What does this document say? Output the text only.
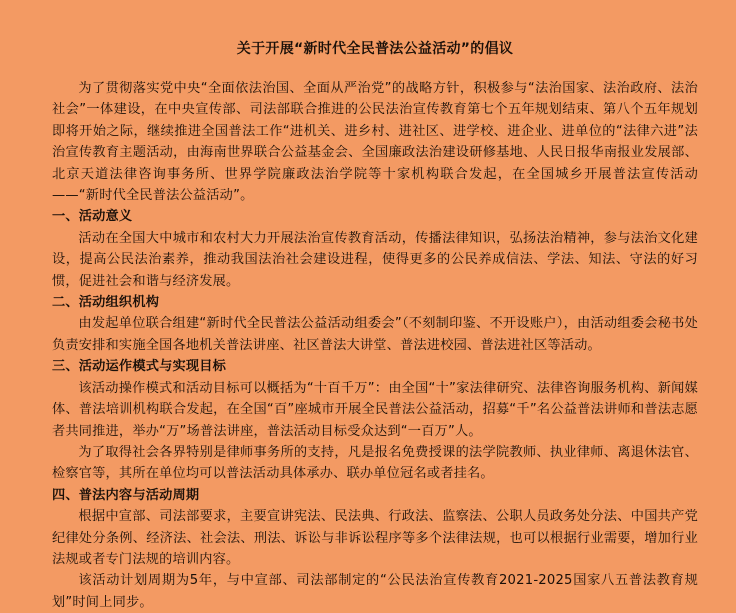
关于开展“新时代全民普法公益活动”的倡议

为了贯彻落实党中央“全面依法治国、全面从严治党”的战略方针，积极参与“法治国家、法治政府、法治社会”一体建设，在中央宣传部、司法部联合推进的公民法治宣传教育第七个五年规划结束、第八个五年规划即将开始之际，继续推进全国普法工作“进机关、进乡村、进社区、进学校、进企业、进单位的“法律六进”法治宣传教育主题活动，由海南世界联合公益基金会、全国廉政法治建设研修基地、人民日报华南报业发展部、北京天道法律咨询事务所、世界学院廉政法治学院等十家机构联合发起，在全国城乡开展普法宣传活动——“新时代全民普法公益活动”。

一、活动意义

活动在全国大中城市和农村大力开展法治宣传教育活动，传播法律知识，弘扬法治精神，参与法治文化建设，提高公民法治素养，推动我国法治社会建设进程，使得更多的公民养成信法、学法、知法、守法的好习惯，促进社会和谐与经济发展。

二、活动组织机构

由发起单位联合组建“新时代全民普法公益活动组委会”（不刻制印鉴、不开设账户），由活动组委会秘书处负责安排和实施全国各地机关普法讲座、社区普法大讲堂、普法进校园、普法进社区等活动。

三、活动运作模式与实现目标

该活动操作模式和活动目标可以概括为“十百千万”：由全国“十”家法律研究、法律咨询服务机构、新闻媒体、普法培训机构联合发起，在全国“百”座城市开展全民普法公益活动，招募“千”名公益普法讲师和普法志愿者共同推进，举办“万”场普法讲座，普法活动目标受众达到“一百万”人。

为了取得社会各界特别是律师事务所的支持，凡是报名免费授课的法学院教师、执业律师、离退休法官、检察官等，其所在单位均可以普法活动具体承办、联办单位冠名或者挂名。

四、普法内容与活动周期

根据中宣部、司法部要求，主要宣讲宪法、民法典、行政法、监察法、公职人员政务处分法、中国共产党纪律处分条例、经济法、社会法、刑法、诉讼与非诉讼程序等多个法律法规，也可以根据行业需要，增加行业法规或者专门法规的培训内容。

该活动计划周期为5年，与中宣部、司法部制定的“公民法治宣传教育2021-2025国家八五普法教育规划”时间上同步。
